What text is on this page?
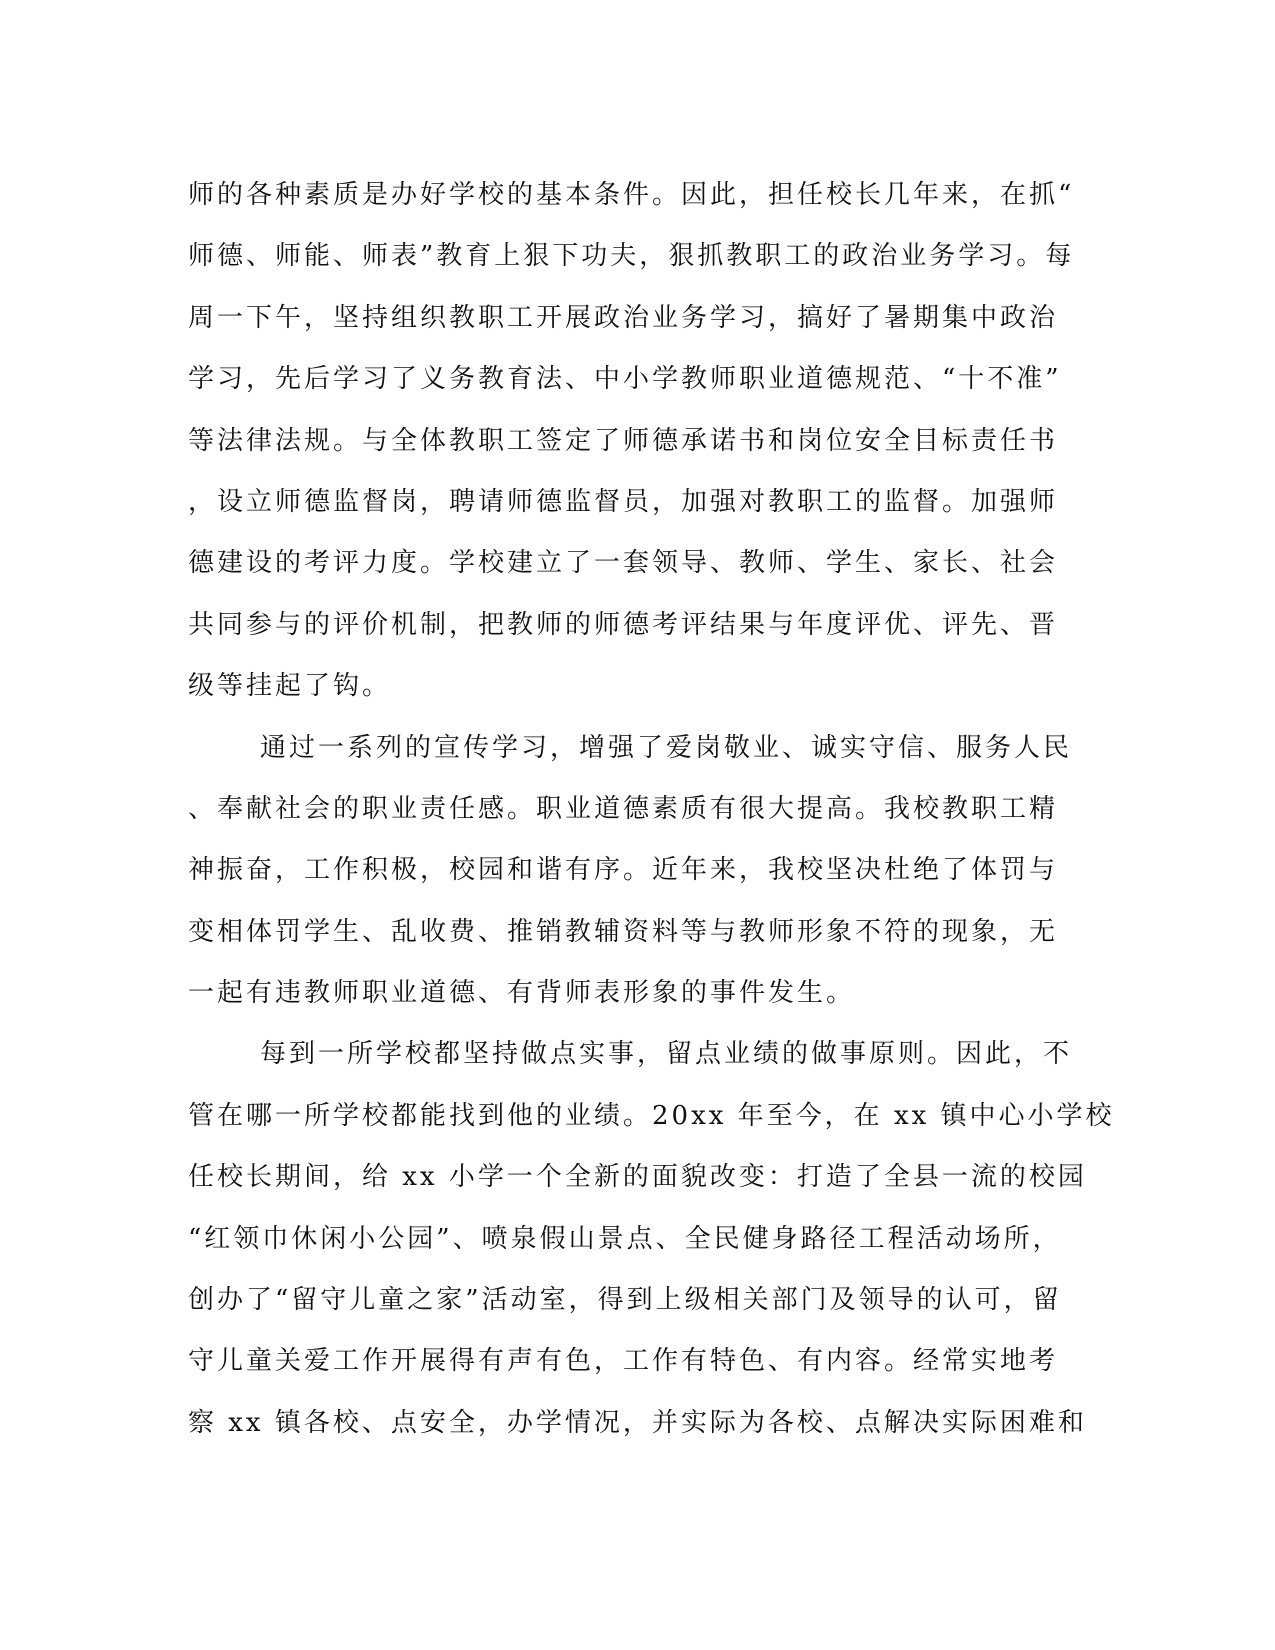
师的各种素质是办好学校的基本条件。因此，担任校长几年来，在抓“
师德、师能、师表”教育上狠下功夫，狠抓教职工的政治业务学习。每
周一下午，坚持组织教职工开展政治业务学习，搞好了暑期集中政治
学习，先后学习了义务教育法、中小学教师职业道德规范、“十不准”
等法律法规。与全体教职工签定了师德承诺书和岗位安全目标责任书
，设立师德监督岗，聘请师德监督员，加强对教职工的监督。加强师
德建设的考评力度。学校建立了一套领导、教师、学生、家长、社会
共同参与的评价机制，把教师的师德考评结果与年度评优、评先、晋
级等挂起了钩。
通过一系列的宣传学习，增强了爱岗敬业、诚实守信、服务人民
、奉献社会的职业责任感。职业道德素质有很大提高。我校教职工精
神振奋，工作积极，校园和谐有序。近年来，我校坚决杜绝了体罚与
变相体罚学生、乱收费、推销教辅资料等与教师形象不符的现象，无
一起有违教师职业道德、有背师表形象的事件发生。
每到一所学校都坚持做点实事，留点业绩的做事原则。因此，不
管在哪一所学校都能找到他的业绩。20xx 年至今，在 xx 镇中心小学校
任校长期间，给 xx 小学一个全新的面貌改变：打造了全县一流的校园
“红领巾休闲小公园”、喷泉假山景点、全民健身路径工程活动场所，
创办了“留守儿童之家”活动室，得到上级相关部门及领导的认可，留
守儿童关爱工作开展得有声有色，工作有特色、有内容。经常实地考
察 xx 镇各校、点安全，办学情况，并实际为各校、点解决实际困难和
